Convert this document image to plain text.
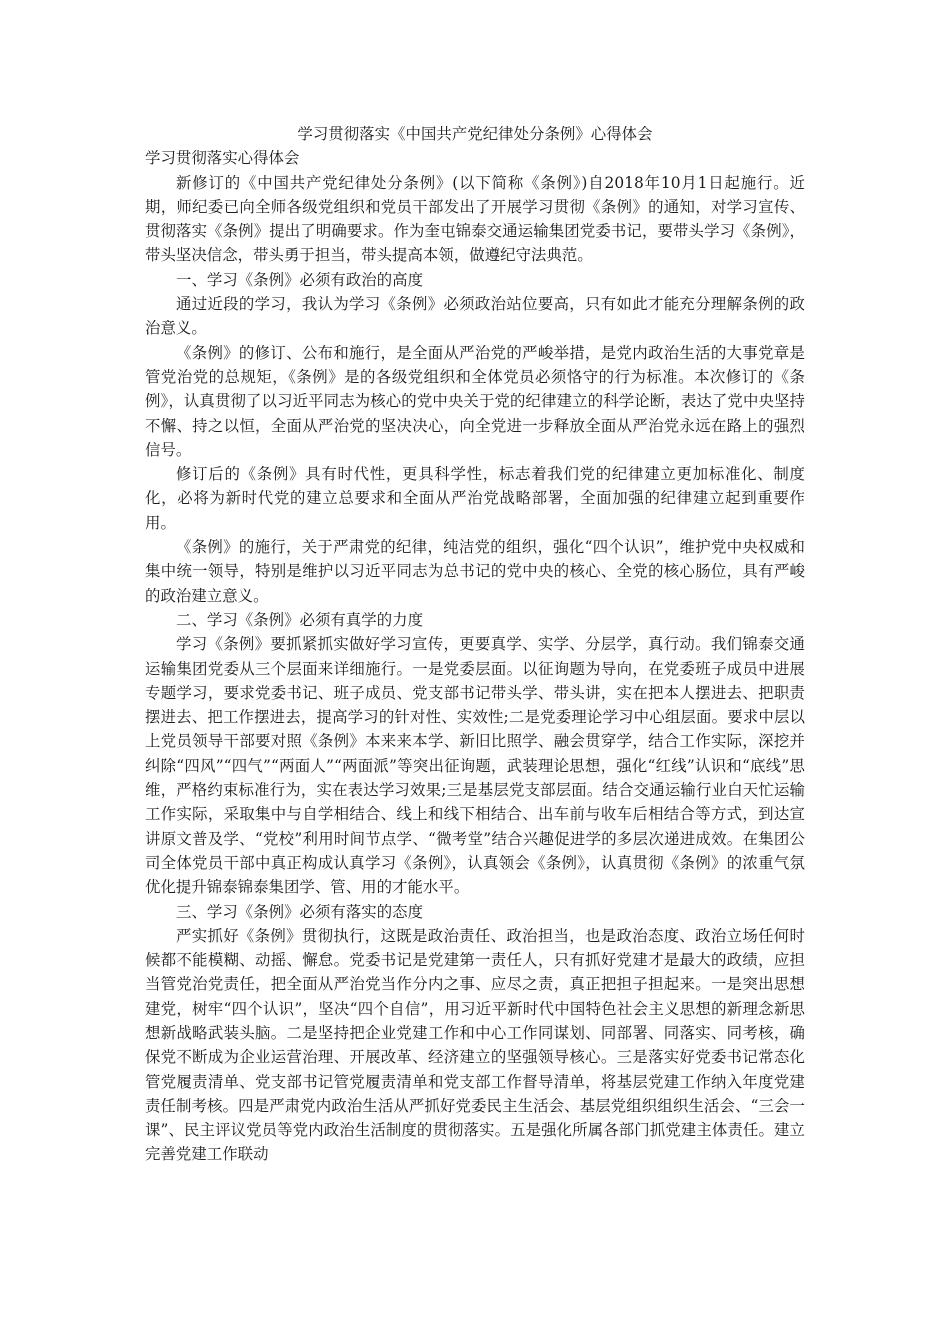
学习贯彻落实《中国共产党纪律处分条例》心得体会

学习贯彻落实心得体会

新修订的《中国共产党纪律处分条例》(以下简称《条例》)自2018年10月1日起施行。近期，师纪委已向全师各级党组织和党员干部发出了开展学习贯彻《条例》的通知，对学习宣传、贯彻落实《条例》提出了明确要求。作为奎屯锦泰交通运输集团党委书记，要带头学习《条例》，带头坚决信念，带头勇于担当，带头提高本领，做遵纪守法典范。

一、学习《条例》必须有政治的高度

通过近段的学习，我认为学习《条例》必须政治站位要高，只有如此才能充分理解条例的政治意义。

《条例》的修订、公布和施行，是全面从严治党的严峻举措，是党内政治生活的大事党章是管党治党的总规矩，《条例》是的各级党组织和全体党员必须恪守的行为标准。本次修订的《条例》，认真贯彻了以习近平同志为核心的党中央关于党的纪律建立的科学论断，表达了党中央坚持不懈、持之以恒，全面从严治党的坚决决心，向全党进一步释放全面从严治党永远在路上的强烈信号。

修订后的《条例》具有时代性，更具科学性，标志着我们党的纪律建立更加标准化、制度化，必将为新时代党的建立总要求和全面从严治党战略部署，全面加强的纪律建立起到重要作用。

《条例》的施行，关于严肃党的纪律，纯洁党的组织，强化“四个认识”，维护党中央权威和集中统一领导，特别是维护以习近平同志为总书记的党中央的核心、全党的核心肠位，具有严峻的政治建立意义。

二、学习《条例》必须有真学的力度

学习《条例》要抓紧抓实做好学习宣传，更要真学、实学、分层学，真行动。我们锦泰交通运输集团党委从三个层面来详细施行。一是党委层面。以征询题为导向，在党委班子成员中进展专题学习，要求党委书记、班子成员、党支部书记带头学、带头讲，实在把本人摆进去、把职责摆进去、把工作摆进去，提高学习的针对性、实效性;二是党委理论学习中心组层面。要求中层以上党员领导干部要对照《条例》本来来本学、新旧比照学、融会贯穿学，结合工作实际，深挖并纠除“四风”“四气”“两面人”“两面派”等突出征询题，武装理论思想，强化“红线”认识和“底线”思维，严格约束标准行为，实在表达学习效果;三是基层党支部层面。结合交通运输行业白天忙运输工作实际，采取集中与自学相结合、线上和线下相结合、出车前与收车后相结合等方式，到达宣讲原文普及学、“党校”利用时间节点学、“微考堂”结合兴趣促进学的多层次递进成效。在集团公司全体党员干部中真正构成认真学习《条例》，认真领会《条例》，认真贯彻《条例》的浓重气氛优化提升锦泰锦泰集团学、管、用的才能水平。

三、学习《条例》必须有落实的态度

严实抓好《条例》贯彻执行，这既是政治责任、政治担当，也是政治态度、政治立场任何时候都不能模糊、动摇、懈怠。党委书记是党建第一责任人，只有抓好党建才是最大的政绩，应担当管党治党责任，把全面从严治党当作分内之事、应尽之责，真正把担子担起来。一是突出思想建党，树牢“四个认识”，坚决“四个自信”，用习近平新时代中国特色社会主义思想的新理念新思想新战略武装头脑。二是坚持把企业党建工作和中心工作同谋划、同部署、同落实、同考核，确保党不断成为企业运营治理、开展改革、经济建立的坚强领导核心。三是落实好党委书记常态化管党履责清单、党支部书记管党履责清单和党支部工作督导清单，将基层党建工作纳入年度党建责任制考核。四是严肃党内政治生活从严抓好党委民主生活会、基层党组织组织生活会、“三会一课”、民主评议党员等党内政治生活制度的贯彻落实。五是强化所属各部门抓党建主体责任。建立完善党建工作联动
